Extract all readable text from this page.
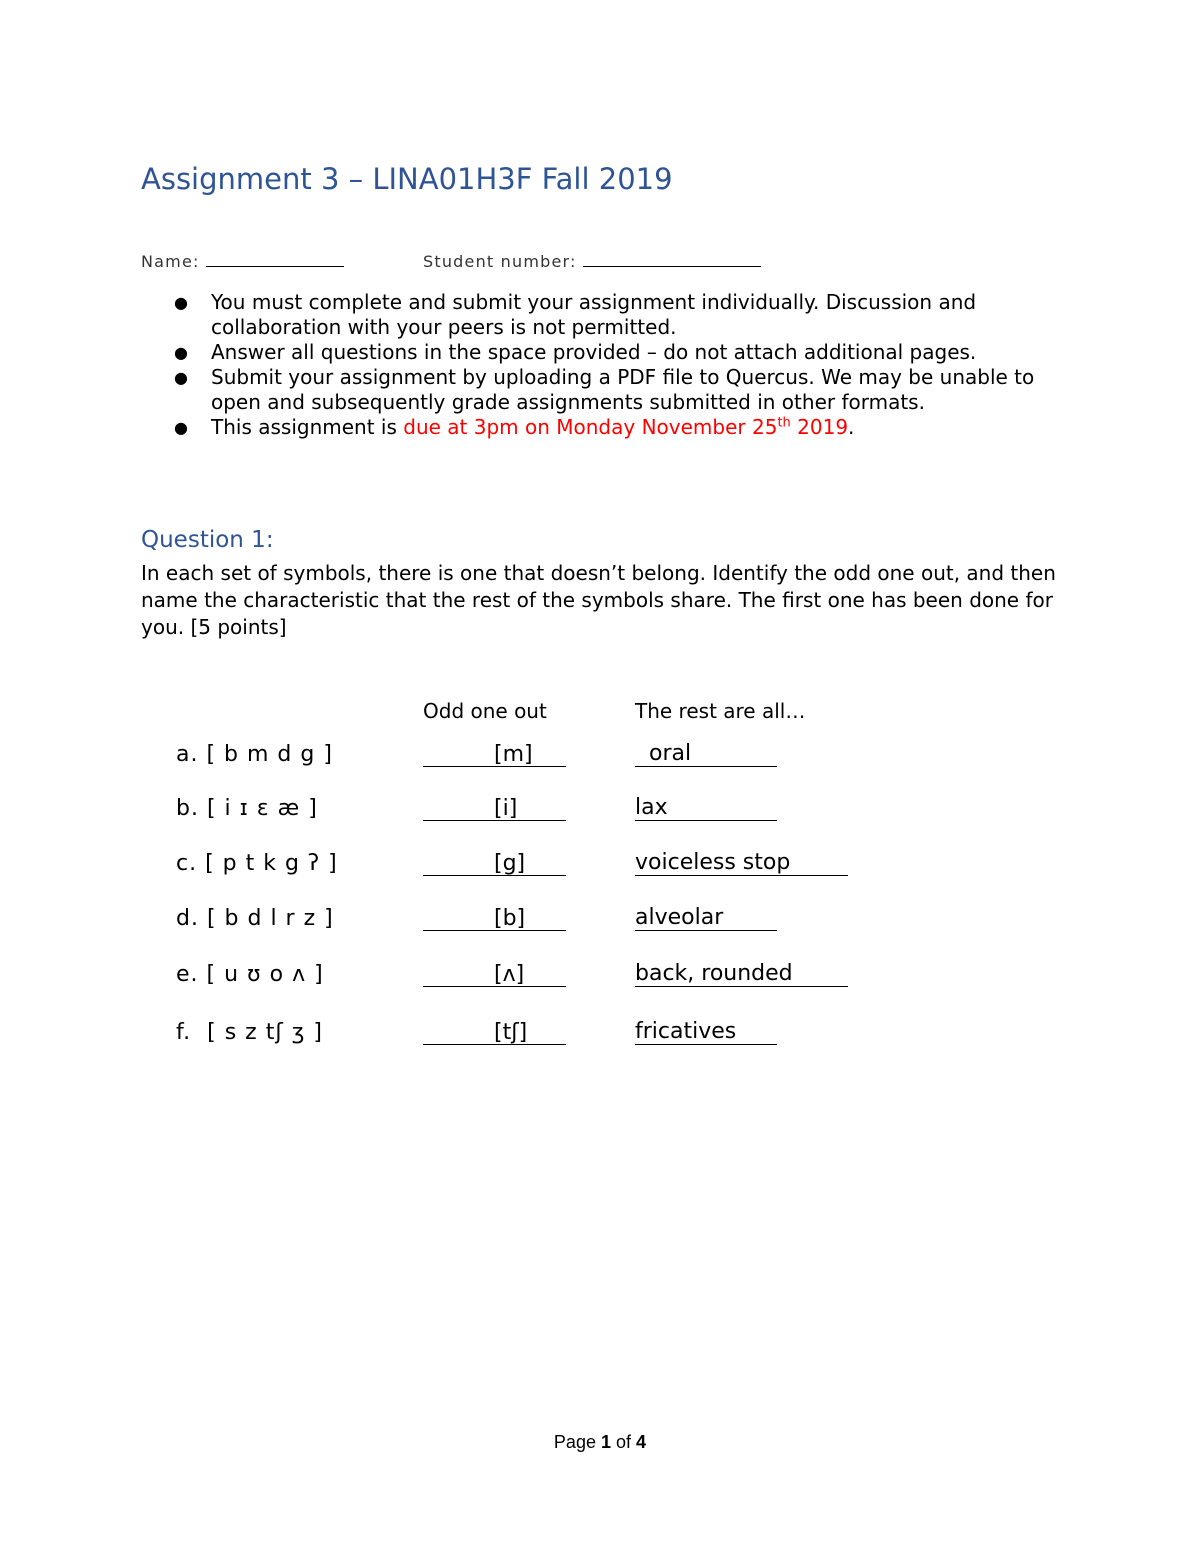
Assignment 3 – LINA01H3F Fall 2019
Name:	Student number:
● You must complete and submit your assignment individually. Discussion and collaboration with your peers is not permitted.
● Answer all questions in the space provided – do not attach additional pages.
● Submit your assignment by uploading a PDF file to Quercus. We may be unable to open and subsequently grade assignments submitted in other formats.
● This assignment is due at 3pm on Monday November 25th 2019.
Question 1:
In each set of symbols, there is one that doesn’t belong. Identify the odd one out, and then name the characteristic that the rest of the symbols share. The first one has been done for you. [5 points]
Odd one out	The rest are all…
a. [ b m d g ]	[m]	oral
b. [ i ɪ ɛ æ ]	[i]	lax
c. [ p t k g ʔ ]	[g]	voiceless stop
d. [ b d l r z ]	[b]	alveolar
e. [ u ʊ o ʌ ]	[ʌ]	back, rounded
f.  [ s z tʃ ʒ ]	[tʃ]	fricatives
Page 1 of 4
